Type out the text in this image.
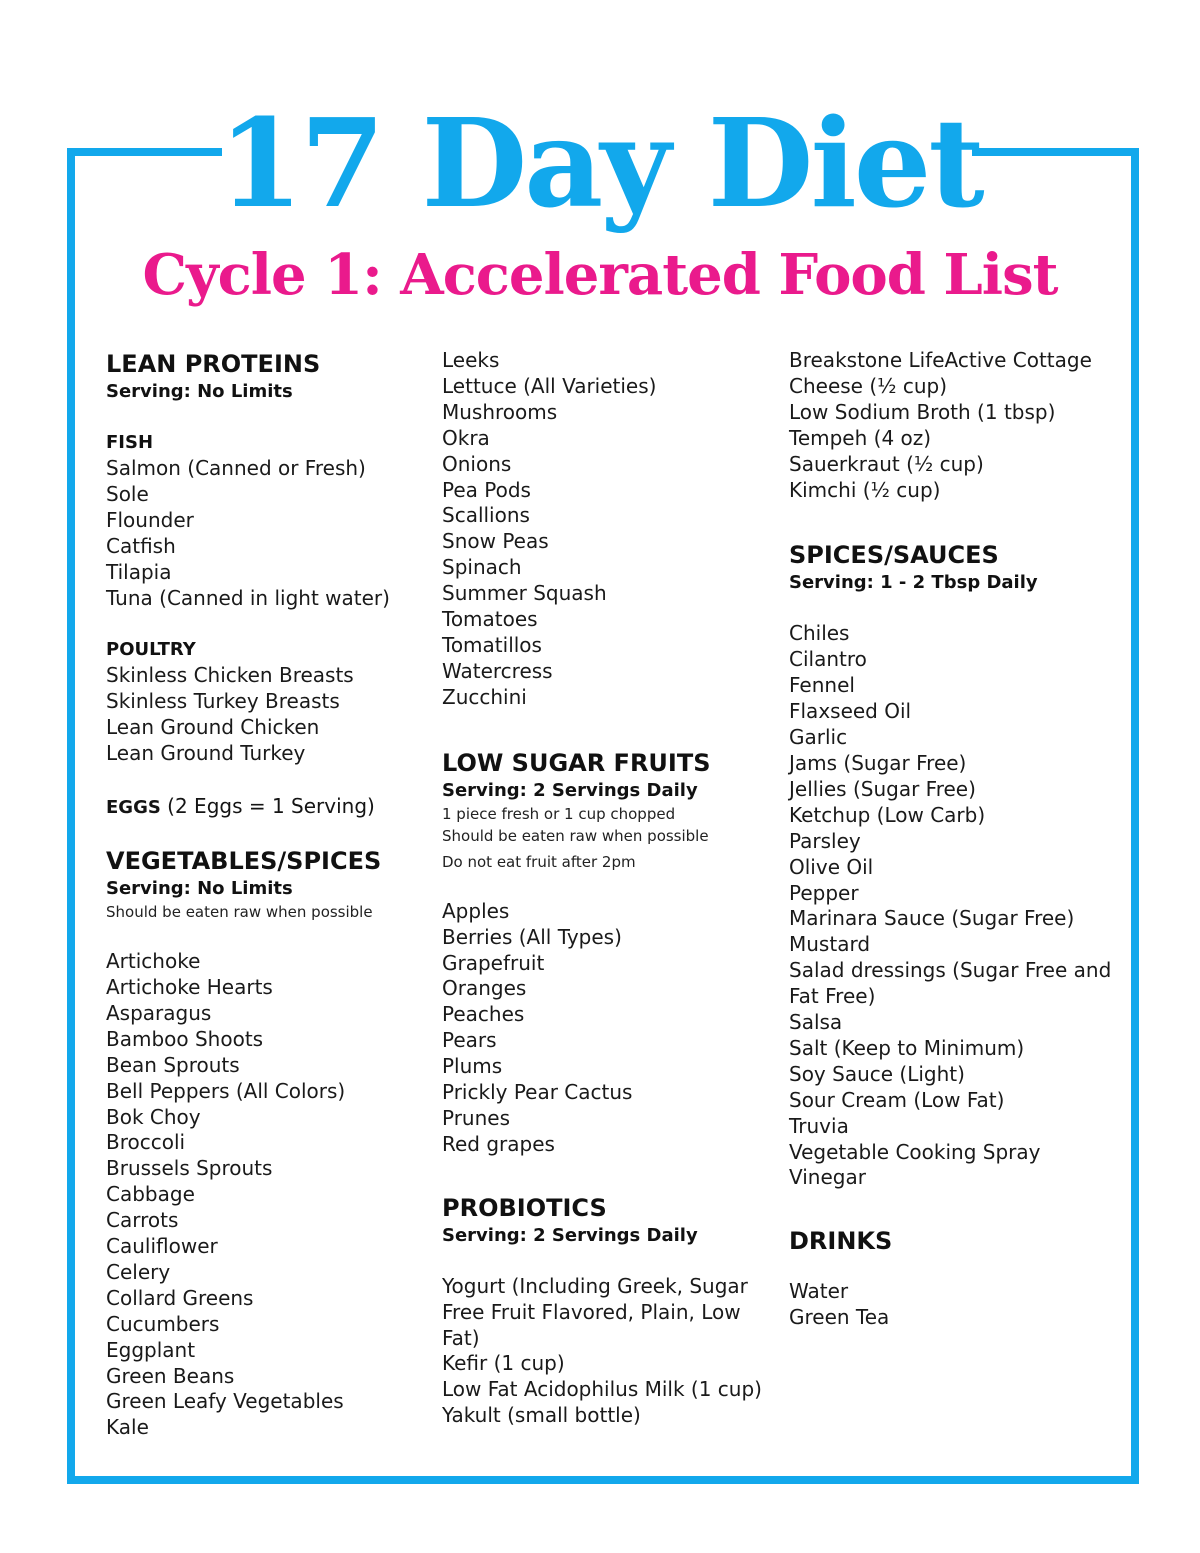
17 Day Diet
Cycle 1: Accelerated Food List
LEAN PROTEINS
Serving: No Limits
FISH
Salmon (Canned or Fresh)
Sole
Flounder
Catfish
Tilapia
Tuna (Canned in light water)
POULTRY
Skinless Chicken Breasts
Skinless Turkey Breasts
Lean Ground Chicken
Lean Ground Turkey
EGGS (2 Eggs = 1 Serving)
VEGETABLES/SPICES
Serving: No Limits
Should be eaten raw when possible
Artichoke
Artichoke Hearts
Asparagus
Bamboo Shoots
Bean Sprouts
Bell Peppers (All Colors)
Bok Choy
Broccoli
Brussels Sprouts
Cabbage
Carrots
Cauliflower
Celery
Collard Greens
Cucumbers
Eggplant
Green Beans
Green Leafy Vegetables
Kale
Leeks
Lettuce (All Varieties)
Mushrooms
Okra
Onions
Pea Pods
Scallions
Snow Peas
Spinach
Summer Squash
Tomatoes
Tomatillos
Watercress
Zucchini
LOW SUGAR FRUITS
Serving: 2 Servings Daily
1 piece fresh or 1 cup chopped
Should be eaten raw when possible
Do not eat fruit after 2pm
Apples
Berries (All Types)
Grapefruit
Oranges
Peaches
Pears
Plums
Prickly Pear Cactus
Prunes
Red grapes
PROBIOTICS
Serving: 2 Servings Daily
Yogurt (Including Greek, Sugar Free Fruit Flavored, Plain, Low Fat)
Kefir (1 cup)
Low Fat Acidophilus Milk (1 cup)
Yakult (small bottle)
Breakstone LifeActive Cottage Cheese (½ cup)
Low Sodium Broth (1 tbsp)
Tempeh (4 oz)
Sauerkraut (½ cup)
Kimchi (½ cup)
SPICES/SAUCES
Serving: 1 - 2 Tbsp Daily
Chiles
Cilantro
Fennel
Flaxseed Oil
Garlic
Jams (Sugar Free)
Jellies (Sugar Free)
Ketchup (Low Carb)
Parsley
Olive Oil
Pepper
Marinara Sauce (Sugar Free)
Mustard
Salad dressings (Sugar Free and
Fat Free)
Salsa
Salt (Keep to Minimum)
Soy Sauce (Light)
Sour Cream (Low Fat)
Truvia
Vegetable Cooking Spray
Vinegar
DRINKS
Water
Green Tea
